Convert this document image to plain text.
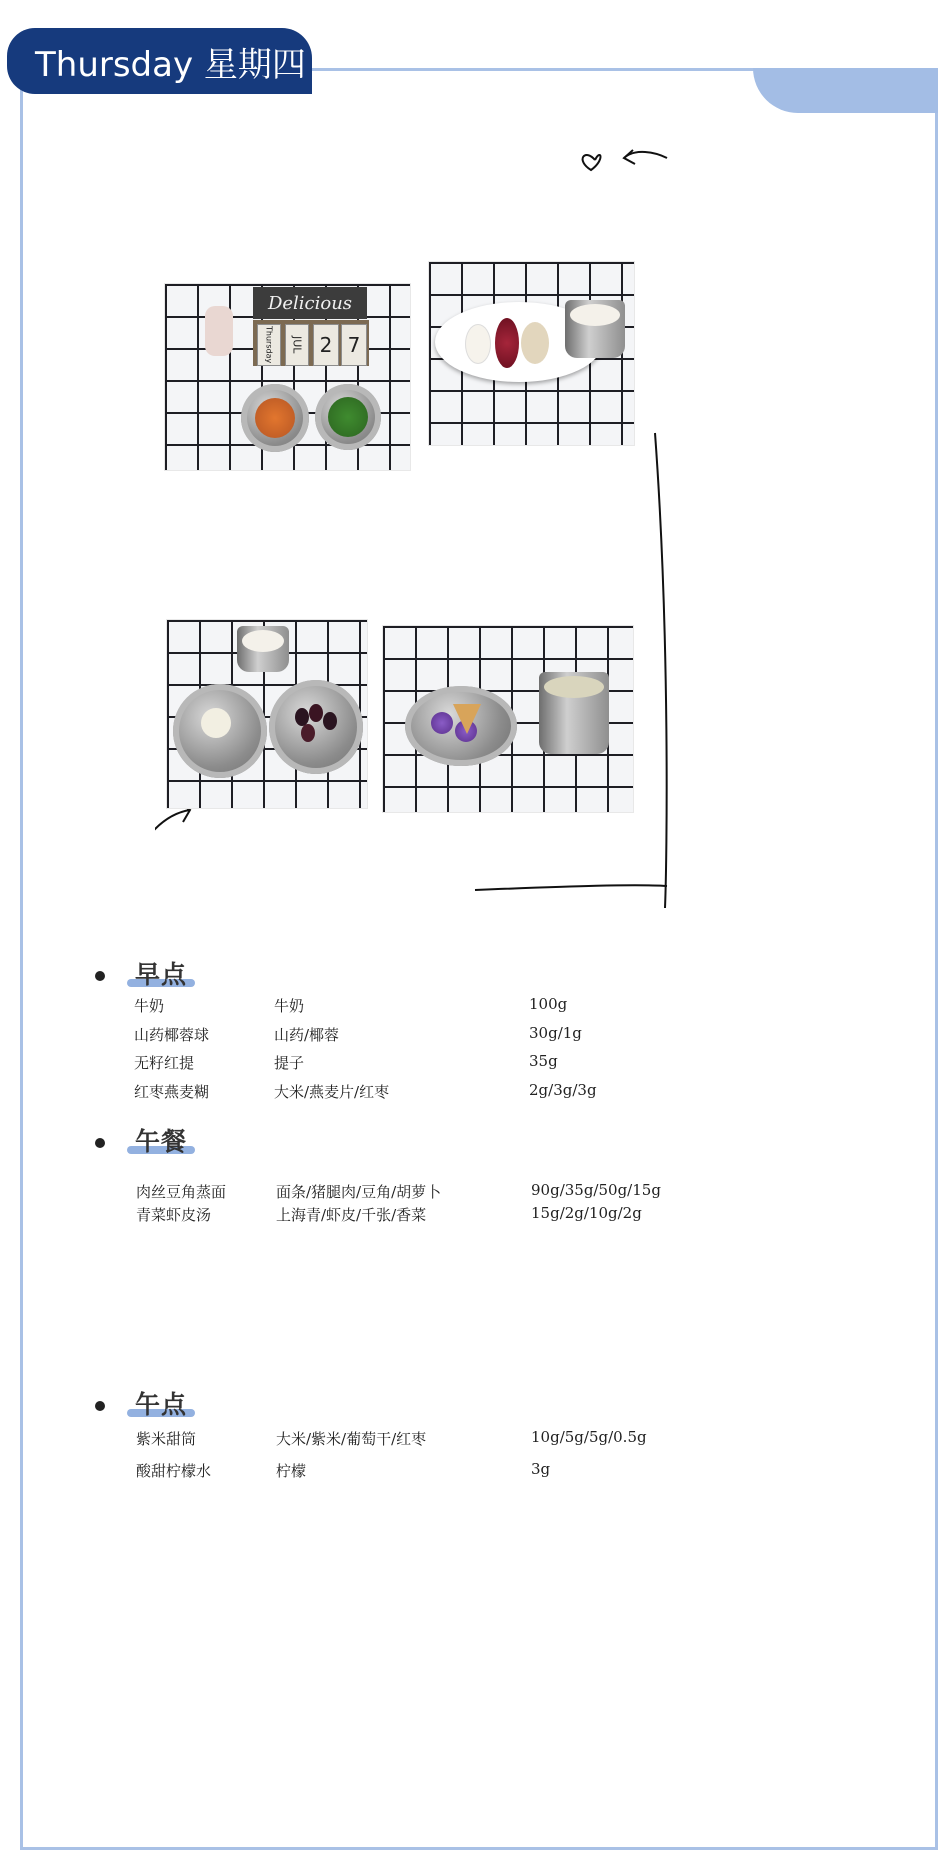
Thursday 星期四
Delicious
Thursday	JUL 2 7
早点
牛奶	牛奶	100g
山药椰蓉球	山药/椰蓉	30g/1g
无籽红提	提子	35g
红枣燕麦糊	大米/燕麦片/红枣	2g/3g/3g
午餐
肉丝豆角蒸面	面条/猪腿肉/豆角/胡萝卜	90g/35g/50g/15g
青菜虾皮汤	上海青/虾皮/千张/香菜	15g/2g/10g/2g
午点
紫米甜筒	大米/紫米/葡萄干/红枣	10g/5g/5g/0.5g
酸甜柠檬水	柠檬	3g
